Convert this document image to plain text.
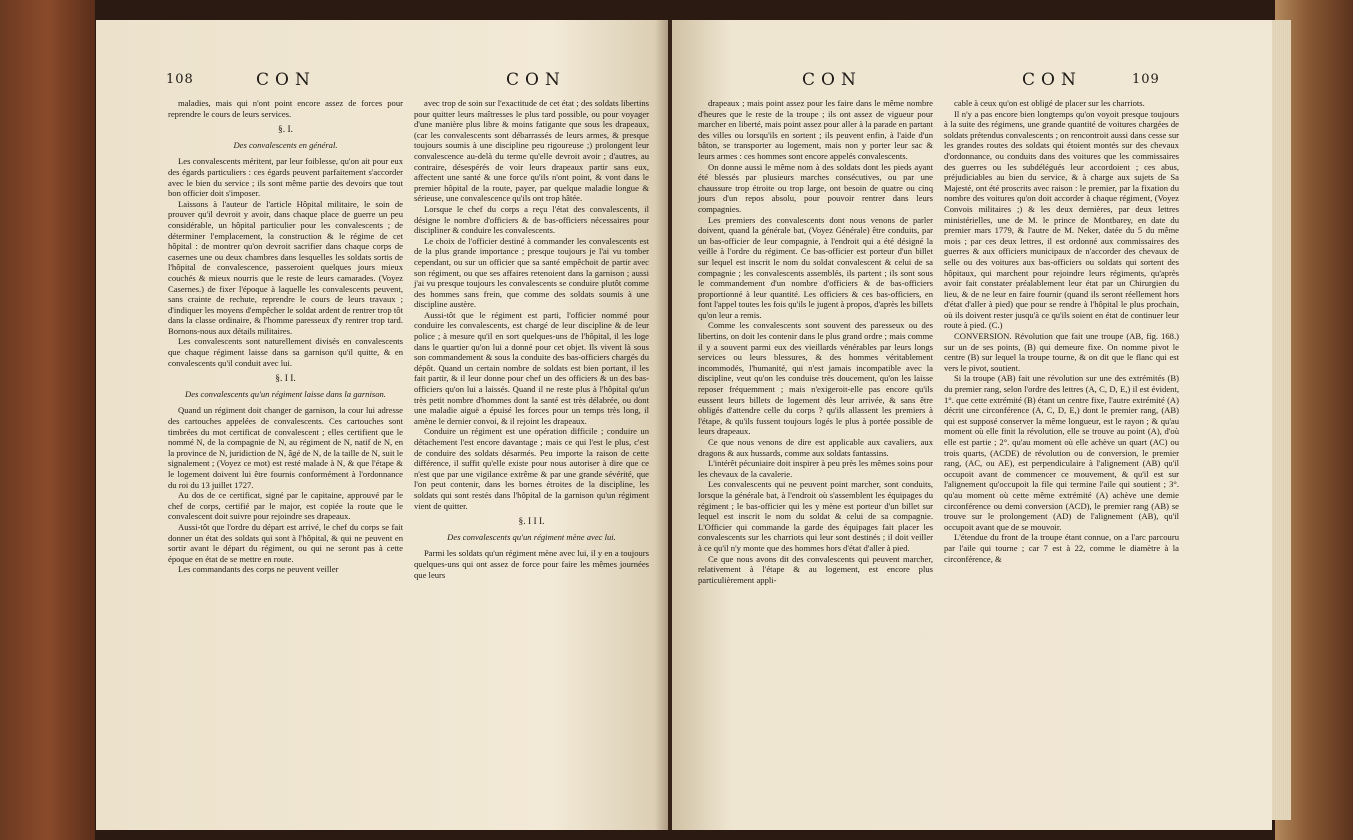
108	CON	CON

maladies, mais qui n'ont point encore assez de forces pour reprendre le cours de leurs services.

§. I.

Des convalescents en général.

Les convalescents méritent, par leur foiblesse, qu'on ait pour eux des égards particuliers : ces égards peuvent parfaitement s'accorder avec le bien du service ; ils sont même partie des devoirs que tout bon officier doit s'imposer.

Laissons à l'auteur de l'article Hôpital militaire, le soin de prouver qu'il devroit y avoir, dans chaque place de guerre un peu considérable, un hôpital particulier pour les convalescents ; de déterminer l'emplacement, la construction & le régime de cet hôpital : de montrer qu'on devroit sacrifier dans chaque corps de casernes une ou deux chambres dans lesquelles les soldats sortis de l'hôpital de convalescence, passeroient quelques jours mieux couchés & mieux nourris que le reste de leurs camarades. (Voyez Casernes.) de fixer l'époque à laquelle les convalescents peuvent, sans crainte de rechute, reprendre le cours de leurs travaux ; d'indiquer les moyens d'empêcher le soldat ardent de rentrer trop tôt dans la classe ordinaire, & l'homme paresseux d'y rentrer trop tard. Bornons-nous aux détails militaires.

Les convalescents sont naturellement divisés en convalescents que chaque régiment laisse dans sa garnison qu'il quitte, & en convalescents qu'il conduit avec lui.

§. I I.

Des convalescents qu'un régiment laisse dans la garnison.

Quand un régiment doit changer de garnison, la cour lui adresse des cartouches appelées de convalescents. Ces cartouches sont timbrées du mot certificat de convalescent ; elles certifient que le nommé N, de la compagnie de N, au régiment de N, natif de N, en la province de N, juridiction de N, âgé de N, de la taille de N, suit le signalement ; (Voyez ce mot) est resté malade à N, & que l'étape & le logement doivent lui être fournis conformément à l'ordonnance du roi du 13 juillet 1727.

Au dos de ce certificat, signé par le capitaine, approuvé par le chef de corps, certifié par le major, est copiée la route que le convalescent doit suivre pour rejoindre ses drapeaux.

Aussi-tôt que l'ordre du départ est arrivé, le chef du corps se fait donner un état des soldats qui sont à l'hôpital, & qui ne peuvent en sortir avant le départ du régiment, ou qui ne seront pas à cette époque en état de se mettre en route.

Les commandants des corps ne peuvent veiller

avec trop de soin sur l'exactitude de cet état ; des soldats libertins pour quitter leurs maîtresses le plus tard possible, ou pour voyager d'une manière plus libre & moins fatigante que sous les drapeaux, (car les convalescents sont débarrassés de leurs armes, & presque toujours soumis à une discipline peu rigoureuse ;) prolongent leur convalescence au-delà du terme qu'elle devroit avoir ; d'autres, au contraire, désespérés de voir leurs drapeaux partir sans eux, affectent une santé & une force qu'ils n'ont point, & vont dans le premier hôpital de la route, payer, par quelque maladie longue & sérieuse, une convalescence qu'ils ont trop hâtée.

Lorsque le chef du corps a reçu l'état des convalescents, il désigne le nombre d'officiers & de bas-officiers nécessaires pour discipliner & conduire les convalescents.

Le choix de l'officier destiné à commander les convalescents est de la plus grande importance ; presque toujours je l'ai vu tomber cependant, ou sur un officier que sa santé empêchoit de partir avec son régiment, ou que ses affaires retenoient dans la garnison ; aussi j'ai vu presque toujours les convalescents se conduire plutôt comme des hommes sans frein, que comme des soldats soumis à une discipline austère.

Aussi-tôt que le régiment est parti, l'officier nommé pour conduire les convalescents, est chargé de leur discipline & de leur police ; à mesure qu'il en sort quelques-uns de l'hôpital, il les loge dans le quartier qu'on lui a donné pour cet objet. Ils vivent là sous son commandement & sous la conduite des bas-officiers chargés du dépôt. Quand un certain nombre de soldats est bien portant, il les fait partir, & il leur donne pour chef un des officiers & un des bas-officiers qu'on lui a laissés. Quand il ne reste plus à l'hôpital qu'un très petit nombre d'hommes dont la santé est très délabrée, ou dont une maladie aiguë a épuisé les forces pour un temps très long, il amène le dernier convoi, & il rejoint les drapeaux.

Conduire un régiment est une opération difficile ; conduire un détachement l'est encore davantage ; mais ce qui l'est le plus, c'est de conduire des soldats désarmés. Peu importe la raison de cette différence, il suffit qu'elle existe pour nous autoriser à dire que ce n'est que par une vigilance extrême & par une grande sévérité, que l'on peut contenir, dans les bornes étroites de la discipline, les soldats qui sont restés dans l'hôpital de la garnison qu'un régiment vient de quitter.

§. I I I.

Des convalescents qu'un régiment mène avec lui.

Parmi les soldats qu'un régiment mène avec lui, il y en a toujours quelques-uns qui ont assez de force pour faire les mêmes journées que leurs

CON	CON	109

drapeaux ; mais point assez pour les faire dans le même nombre d'heures que le reste de la troupe ; ils ont assez de vigueur pour marcher en liberté, mais point assez pour aller à la parade en partant des villes ou lorsqu'ils en sortent ; ils peuvent enfin, à l'aide d'un bâton, se transporter au logement, mais non y porter leur sac & leurs armes : ces hommes sont encore appelés convalescents.

On donne aussi le même nom à des soldats dont les pieds ayant été blessés par plusieurs marches consécutives, ou par une chaussure trop étroite ou trop large, ont besoin de quatre ou cinq jours d'un repos absolu, pour pouvoir rentrer dans leurs compagnies.

Les premiers des convalescents dont nous venons de parler doivent, quand la générale bat, (Voyez Générale) être conduits, par un bas-officier de leur compagnie, à l'endroit qui a été désigné la veille à l'ordre du régiment. Ce bas-officier est porteur d'un billet sur lequel est inscrit le nom du soldat convalescent & celui de sa compagnie ; les convalescents assemblés, ils partent ; ils sont sous le commandement d'un nombre d'officiers & de bas-officiers proportionné à leur quantité. Les officiers & ces bas-officiers, en font l'appel toutes les fois qu'ils le jugent à propos, d'après les billets qu'on leur a remis.

Comme les convalescents sont souvent des paresseux ou des libertins, on doit les contenir dans le plus grand ordre ; mais comme il y a souvent parmi eux des vieillards vénérables par leurs longs services ou leurs blessures, & des hommes véritablement incommodés, l'humanité, qui n'est jamais incompatible avec la discipline, veut qu'on les conduise très doucement, qu'on les laisse reposer fréquemment ; mais n'exigeroit-elle pas encore qu'ils eussent leurs billets de logement dès leur arrivée, & sans être obligés d'attendre celle du corps ? qu'ils allassent les premiers à l'étape, & qu'ils fussent toujours logés le plus à portée possible de leurs drapeaux.

Ce que nous venons de dire est applicable aux cavaliers, aux dragons & aux hussards, comme aux soldats fantassins.

L'intérêt pécuniaire doit inspirer à peu près les mêmes soins pour les chevaux de la cavalerie.

Les convalescents qui ne peuvent point marcher, sont conduits, lorsque la générale bat, à l'endroit où s'assemblent les équipages du régiment ; le bas-officier qui les y mène est porteur d'un billet sur lequel est inscrit le nom du soldat & celui de sa compagnie. L'Officier qui commande la garde des équipages fait placer les convalescents sur les charriots qui leur sont destinés ; il doit veiller à ce qu'il n'y monte que des hommes hors d'état d'aller à pied.

Ce que nous avons dit des convalescents qui peuvent marcher, relativement à l'étape & au logement, est encore plus particulièrement appli-

cable à ceux qu'on est obligé de placer sur les charriots.

Il n'y a pas encore bien longtemps qu'on voyoit presque toujours à la suite des régimens, une grande quantité de voitures chargées de soldats prétendus convalescents ; on rencontroit aussi dans cesse sur les grandes routes des soldats qui étoient montés sur des chevaux d'ordonnance, ou conduits dans des voitures que les commissaires des guerres ou les subdélégués leur accordoient ; ces abus, préjudiciables au bien du service, & à charge aux sujets de Sa Majesté, ont été proscrits avec raison : le premier, par la fixation du nombre des voitures qu'on doit accorder à chaque régiment, (Voyez Convois militaires ;) & les deux dernières, par deux lettres ministérielles, une de M. le prince de Montbarey, en date du premier mars 1779, & l'autre de M. Neker, datée du 5 du même mois ; par ces deux lettres, il est ordonné aux commissaires des guerres & aux officiers municipaux de n'accorder des chevaux de selle ou des voitures aux bas-officiers ou soldats qui sortent des hôpitaux, qui marchent pour rejoindre leurs régiments, qu'après avoir fait constater préalablement leur état par un Chirurgien du lieu, & de ne leur en faire fournir (quand ils seront réellement hors d'état d'aller à pied) que pour se rendre à l'hôpital le plus prochain, où ils doivent rester jusqu'à ce qu'ils soient en état de continuer leur route à pied. (C.)

CONVERSION. Révolution que fait une troupe (AB, fig. 168.) sur un de ses points, (B) qui demeure fixe. On nomme pivot le centre (B) sur lequel la troupe tourne, & on dit que le flanc qui est vers le pivot, soutient.

Si la troupe (AB) fait une révolution sur une des extrémités (B) du premier rang, selon l'ordre des lettres (A, C, D, E,) il est évident, 1°. que cette extrémité (B) étant un centre fixe, l'autre extrémité (A) décrit une circonférence (A, C, D, E,) dont le premier rang, (AB) qui est supposé conserver la même longueur, est le rayon ; & qu'au moment où elle finit la révolution, elle se trouve au point (A), d'où elle est partie ; 2°. qu'au moment où elle achève un quart (AC) ou trois quarts, (ACDE) de révolution ou de conversion, le premier rang, (AC, ou AE), est perpendiculaire à l'alignement (AB) qu'il occupoit avant de commencer ce mouvement, & qu'il est sur l'alignement qu'occupoit la file qui termine l'aile qui soutient ; 3°. qu'au moment où cette même extrémité (A) achève une demie circonférence ou demi conversion (ACD), le premier rang (AB) se trouve sur le prolongement (AD) de l'alignement (AB), qu'il occupoit avant que de se mouvoir.

L'étendue du front de la troupe étant connue, on a l'arc parcouru par l'aile qui tourne ; car 7 est à 22, comme le diamètre à la circonférence, &
